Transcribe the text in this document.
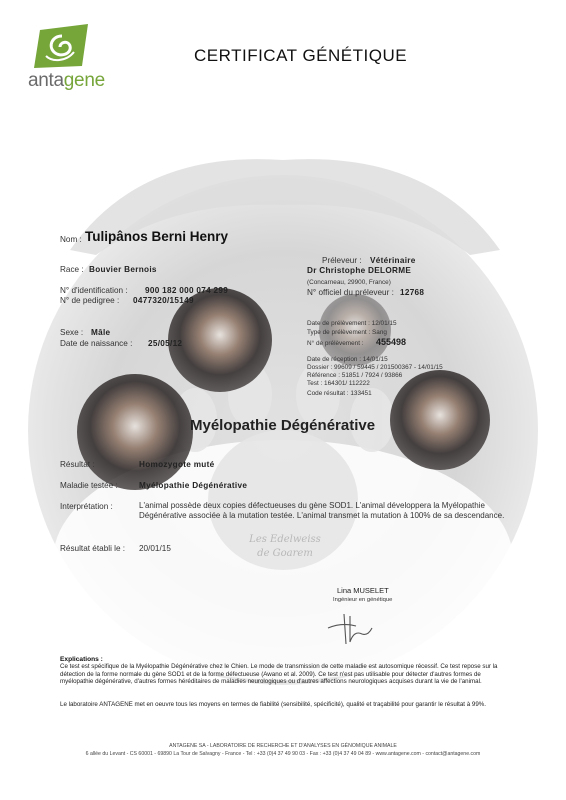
Les Edelweiss
de Goarem
antagene
CERTIFICAT GÉNÉTIQUE
Nom : Tulipânos Berni Henry
Race : Bouvier Bernois
N° d'identification : 900 182 000 074 299
N° de pedigree : 0477320/15149
Sexe : Mâle
Date de naissance : 25/05/12
Préleveur : Vétérinaire
Dr Christophe DELORME
(Concarneau, 29900, France)
N° officiel du préleveur : 12768
Date de prélèvement : 12/01/15
Type de prélèvement : Sang
N° de prélèvement : 455498
Date de réception : 14/01/15
Dossier : 99609 / 59445 / 201500367 - 14/01/15
Référence : 51851 / 7924 / 93866
Test : 164301/ 112222
Code résultat : 133451
Myélopathie Dégénérative
Résultat :	Homozygote muté
Maladie testée :	Myélopathie Dégénérative
Interprétation :	L'animal possède deux copies défectueuses du gène SOD1. L'animal développera la Myélopathie Dégénérative associée à la mutation testée. L'animal transmet la mutation à 100% de sa descendance.
Résultat établi le : 20/01/15
Lina MUSELET
Ingénieur en génétique
Explications :
Ce test est spécifique de la Myélopathie Dégénérative chez le Chien. Le mode de transmission de cette maladie est autosomique récessif. Ce test repose sur la détection de la forme normale du gène SOD1 et de la forme défectueuse (Awano et al. 2009). Ce test n'est pas utilisable pour détecter d'autres formes de myélopathie dégénérative, d'autres formes héréditaires de maladies neurologiques ou d'autres affections neurologiques acquises durant la vie de l'animal.
Le laboratoire ANTAGENE met en oeuvre tous les moyens en termes de fiabilité (sensibilité, spécificité), qualité et traçabilité pour garantir le résultat à 99%.
ANTAGENE SA - LABORATOIRE DE RECHERCHE ET D'ANALYSES EN GÉNOMIQUE ANIMALE
6 allée du Levant - CS 60001 - 69890 La Tour de Salvagny - France - Tel : +33 (0)4 37 49 90 03 - Fax : +33 (0)4 37 49 04 89 - www.antagene.com - contact@antagene.com
